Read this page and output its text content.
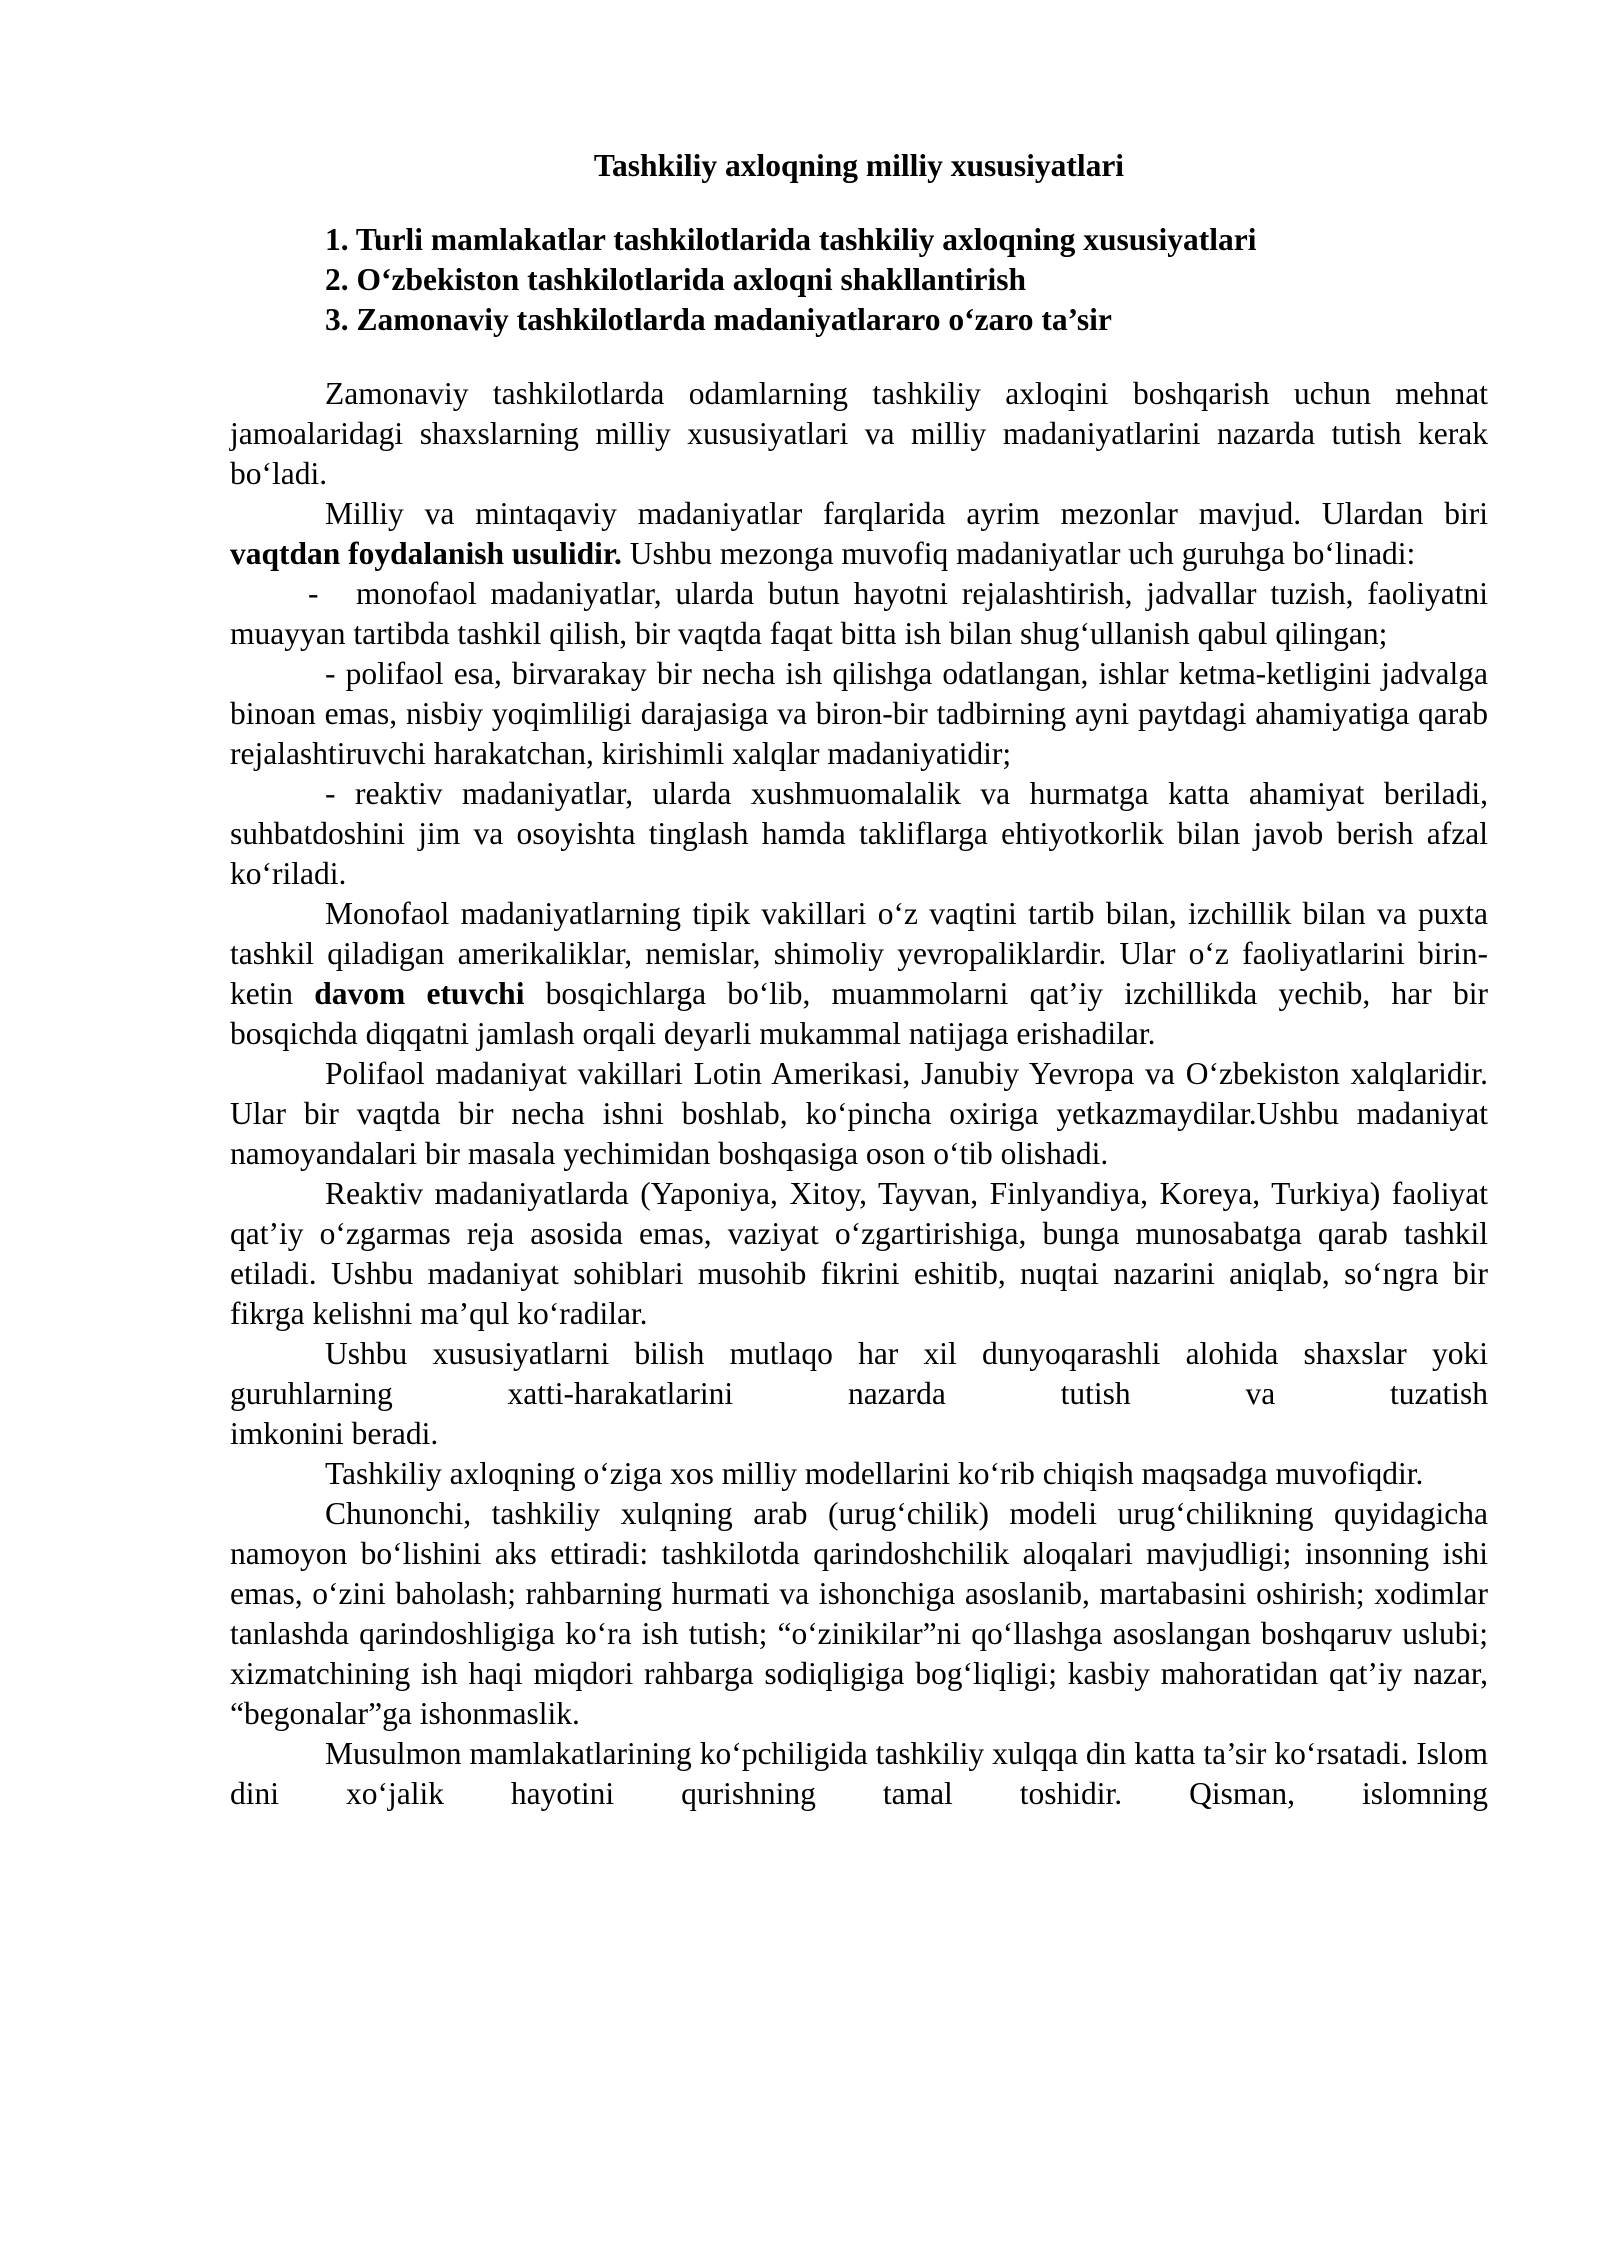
Tashkiliy axloqning milliy xususiyatlari
1. Turli mamlakatlar tashkilotlarida tashkiliy axloqning xususiyatlari
2. O‘zbekiston tashkilotlarida axloqni shakllantirish
3. Zamonaviy tashkilotlarda madaniyatlararo o‘zaro ta’sir

Zamonaviy tashkilotlarda odamlarning tashkiliy axloqini boshqarish uchun mehnat jamoalaridagi shaxslarning milliy xususiyatlari va milliy madaniyatlarini nazarda tutish kerak bo‘ladi.

Milliy va mintaqaviy madaniyatlar farqlarida ayrim mezonlar mavjud. Ulardan biri vaqtdan foydalanish usulidir. Ushbu mezonga muvofiq madaniyatlar uch guruhga bo‘linadi:

- monofaol madaniyatlar, ularda butun hayotni rejalashtirish, jadvallar tuzish, faoliyatni muayyan tartibda tashkil qilish, bir vaqtda faqat bitta ish bilan shug‘ullanish qabul qilingan;

- polifaol esa, birvarakay bir necha ish qilishga odatlangan, ishlar ketma-ketligini jadvalga binoan emas, nisbiy yoqimliligi darajasiga va biron-bir tadbirning ayni paytdagi ahamiyatiga qarab rejalashtiruvchi harakatchan, kirishimli xalqlar madaniyatidir;

- reaktiv madaniyatlar, ularda xushmuomalalik va hurmatga katta ahamiyat beriladi, suhbatdoshini jim va osoyishta tinglash hamda takliflarga ehtiyotkorlik bilan javob berish afzal ko‘riladi.

Monofaol madaniyatlarning tipik vakillari o‘z vaqtini tartib bilan, izchillik bilan va puxta tashkil qiladigan amerikaliklar, nemislar, shimoliy yevropaliklardir. Ular o‘z faoliyatlarini birin-ketin davom etuvchi bosqichlarga bo‘lib, muammolarni qat’iy izchillikda yechib, har bir bosqichda diqqatni jamlash orqali deyarli mukammal natijaga erishadilar.

Polifaol madaniyat vakillari Lotin Amerikasi, Janubiy Yevropa va O‘zbekiston xalqlaridir. Ular bir vaqtda bir necha ishni boshlab, ko‘pincha oxiriga yetkazmaydilar.Ushbu madaniyat namoyandalari bir masala yechimidan boshqasiga oson o‘tib olishadi.

Reaktiv madaniyatlarda (Yaponiya, Xitoy, Tayvan, Finlyandiya, Koreya, Turkiya) faoliyat qat’iy o‘zgarmas reja asosida emas, vaziyat o‘zgartirishiga, bunga munosabatga qarab tashkil etiladi. Ushbu madaniyat sohiblari musohib fikrini eshitib, nuqtai nazarini aniqlab, so‘ngra bir fikrga kelishni ma’qul ko‘radilar.

Ushbu xususiyatlarni bilish mutlaqo har xil dunyoqarashli alohida shaxslar yoki guruhlarning xatti-harakatlarini nazarda tutish va tuzatish

imkonini beradi.

Tashkiliy axloqning o‘ziga xos milliy modellarini ko‘rib chiqish maqsadga muvofiqdir.

Chunonchi, tashkiliy xulqning arab (urug‘chilik) modeli urug‘chilikning quyidagicha namoyon bo‘lishini aks ettiradi: tashkilotda qarindoshchilik aloqalari mavjudligi; insonning ishi emas, o‘zini baholash; rahbarning hurmati va ishonchiga asoslanib, martabasini oshirish; xodimlar tanlashda qarindoshligiga ko‘ra ish tutish; “o‘zinikilar”ni qo‘llashga asoslangan boshqaruv uslubi; xizmatchining ish haqi miqdori rahbarga sodiqligiga bog‘liqligi; kasbiy mahoratidan qat’iy nazar, “begonalar”ga ishonmaslik.

Musulmon mamlakatlarining ko‘pchiligida tashkiliy xulqqa din katta ta’sir ko‘rsatadi. Islom dini xo‘jalik hayotini qurishning tamal toshidir. Qisman, islomning
